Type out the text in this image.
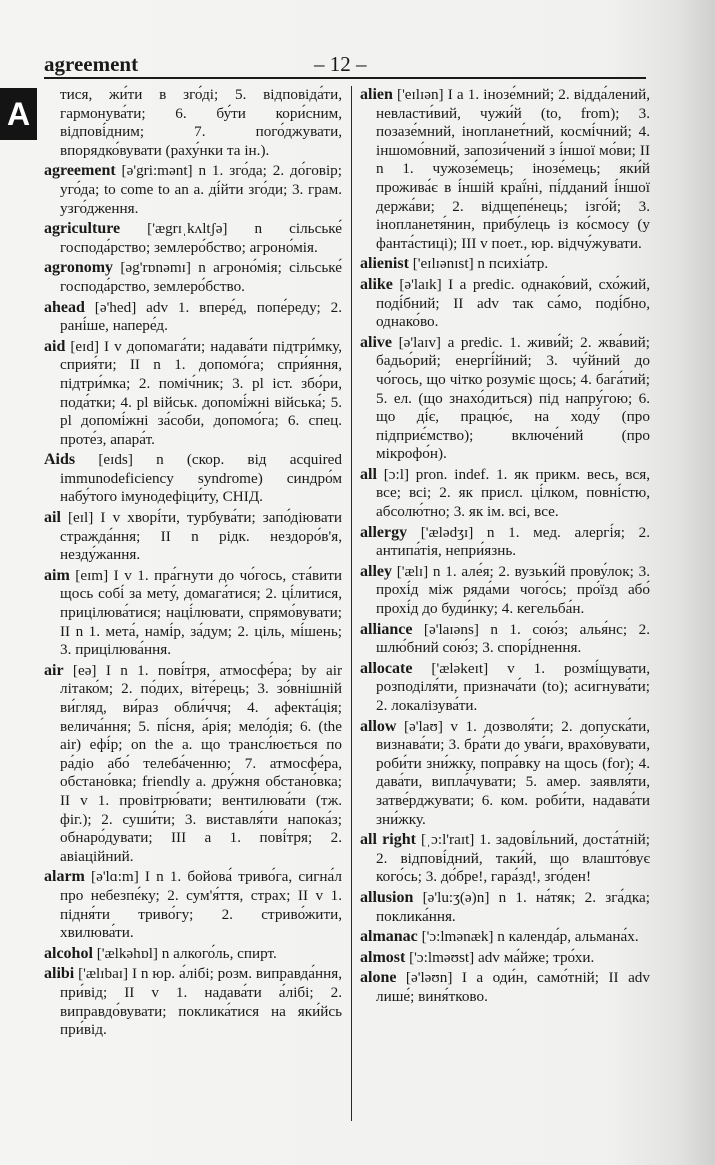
agreement	– 12 –
A

тися, жи́ти в зго́ді; 5. відповіда́ти, гармонува́ти; 6. бу́ти кори́сним, відпові́дним; 7. пого́джувати, впорядко́вувати (раху́нки та ін.).

agreement [ə'gri:mənt] n 1. зго́да; 2. до́говір; уго́да; to come to an a. ді́йти зго́ди; 3. грам. узго́дження.

agriculture ['ægrɪˌkʌltʃə] n сільське́ господа́рство; землеро́бство; агроно́мія.

agronomy [əg'rɒnəmɪ] n агроно́мія; сільське́ господа́рство, землеро́бство.

ahead [ə'hed] adv 1. впере́д, попе́реду; 2. рані́ше, напере́д.

aid [eɪd] I v допомага́ти; надава́ти підтри́мку, сприя́ти; II n 1. допомо́га; спри́яння, підтри́мка; 2. поміч́ник; 3. pl іст. збо́ри, пода́тки; 4. pl військ. допомі́жні війська́; 5. pl допомі́жні за́соби, допомо́га; 6. спец. проте́з, апара́т.

Aids [eɪds] n (скор. від acquired immunodeficiency syndrome) синдро́м набу́того імунодефіци́ту, СНІД.

ail [eɪl] I v хворі́ти, турбува́ти; запо́діювати стражда́ння; II n рідк. нездоро́в'я, незду́жання.

aim [eɪm] I v 1. пра́гнути до чо́гось, ста́вити щось собі́ за мету́, домага́тися; 2. ці́литися, прицілюва́тися; наці́лювати, спрямо́вувати; II n 1. мета́, намі́р, за́дум; 2. ціль, мі́шень; 3. прицілюва́ння.

air [eə] I n 1. пові́тря, атмосфе́ра; by air літако́м; 2. по́дих, віте́рець; 3. зо́внішній ви́гляд, ви́раз обли́ччя; 4. афекта́ція; велича́ння; 5. пі́сня, а́рія; мело́дія; 6. (the air) ефі́р; on the a. що трансл́юється по ра́діо або́ телеба́ченню; 7. атмосфе́ра, обстано́вка; friendly a. дру́жня обстано́вка; II v 1. провітрю́вати; вентилюва́ти (тж. фіг.); 2. суши́ти; 3. виставля́ти напока́з; обнаро́дувати; III a 1. пові́тря; 2. авіаційний.

alarm [ə'lɑ:m] I n 1. бойова́ триво́га, сигна́л про небезпе́ку; 2. сум'я́ття, страх; II v 1. підня́ти триво́гу; 2. стриво́жити, хвилюва́ти.

alcohol ['ælkəhɒl] n алкого́ль, спирт.

alibi ['ælɪbaɪ] I n юр. а́лібі; розм. виправда́ння, при́від; II v 1. надава́ти а́лібі; 2. виправдо́вувати; поклика́тися на яки́йсь при́від.

alien ['eɪlɪən] I a 1. інозе́мний; 2. відда́лений, невласти́вий, чужи́й (to, from); 3. позазе́мний, інопланет́ний, космі́чний; 4. іншомо́вний, запози́чений з і́ншої мо́ви; II n 1. чужозе́мець; інозе́мець; яки́й прожива́є в і́ншій краї́ні, пі́дданий і́ншої держа́ви; 2. відщепе́нець; ізго́й; 3. інопланетя́нин, прибу́лець із ко́смосу (у фанта́стиці); III v поет., юр. відчу́жувати.

alienist ['eɪlɪənɪst] n психіа́тр.

alike [ə'laɪk] I a predic. однако́вий, схо́жий, поді́бний; II adv так са́мо, поді́бно, однако́во.

alive [ə'laɪv] a predic. 1. живи́й; 2. жва́вий; бадьо́рий; енергі́йний; 3. чу́йний до чо́гось, що чітко розуміє щось; 4. бага́тий; 5. ел. (що знахо́диться) під напру́гою; 6. що ді́є, працю́є, на ходу́ (про підприє́мство); включе́ний (про мікрофо́н).

all [ɔ:l] pron. indef. 1. як прикм. весь, вся, все; всі; 2. як присл. ці́лком, повні́стю, абсолю́тно; 3. як ім. всі, все.

allergy ['ælədʒɪ] n 1. мед. алергі́я; 2. антипа́тія, непри́язнь.

alley ['ælɪ] n 1. але́я; 2. вузьки́й прову́лок; 3. прохі́д між ряда́ми чого́сь; про́їзд або́ прохі́д до буди́нку; 4. кегельба́н.

alliance [ə'laɪəns] n 1. сою́з; алья́нс; 2. шлю́бний сою́з; 3. спорі́днення.

allocate ['æləkeɪt] v 1. розмі́щувати, розподіля́ти, признача́ти (to); асигнува́ти; 2. локалізува́ти.

allow [ə'laʊ] v 1. дозволя́ти; 2. допуска́ти, визнава́ти; 3. бра́ти до ува́ги, врахо́вувати, роби́ти зни́жку, попра́вку на щось (for); 4. дава́ти, випла́чувати; 5. амер. заявля́ти, затве́рджувати; 6. ком. роби́ти, надава́ти зни́жку.

all right [ˌɔ:l'raɪt] 1. задові́льний, доста́тній; 2. відпові́дний, таки́й, що влашто́вує кого́сь; 3. до́бре!, гара́зд!, зго́ден!

allusion [ə'lu:ʒ(ə)n] n 1. на́тяк; 2. зга́дка; поклика́ння.

almanac ['ɔ:lmənæk] n календа́р, альмана́х.

almost ['ɔ:lməʊst] adv ма́йже; тро́хи.

alone [ə'ləʊn] I a оди́н, само́тній; II adv лише́; виня́тково.
